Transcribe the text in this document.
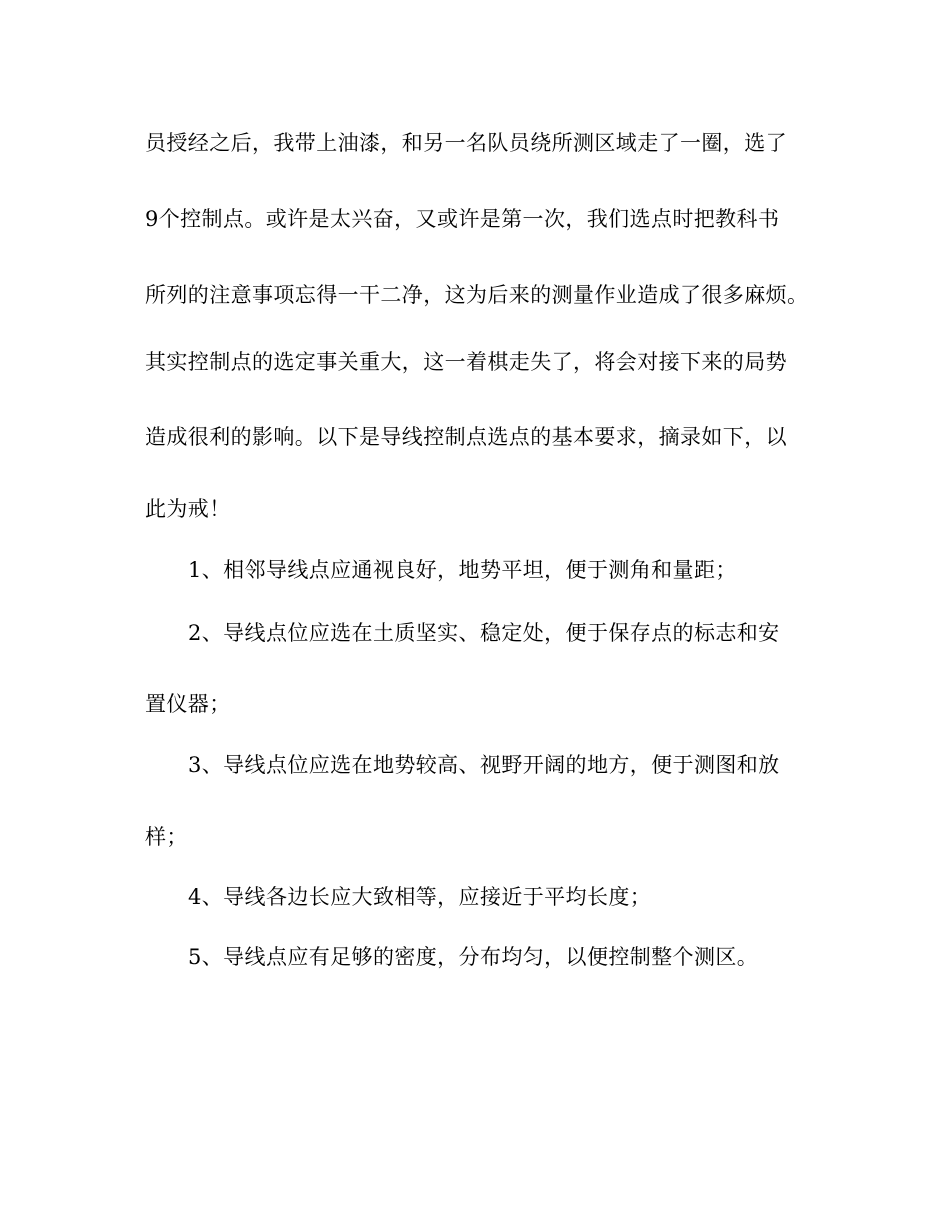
员授经之后，我带上油漆，和另一名队员绕所测区域走了一圈，选了
9个控制点。或许是太兴奋，又或许是第一次，我们选点时把教科书
所列的注意事项忘得一干二净，这为后来的测量作业造成了很多麻烦。
其实控制点的选定事关重大，这一着棋走失了，将会对接下来的局势
造成很利的影响。以下是导线控制点选点的基本要求，摘录如下，以
此为戒！
1、相邻导线点应通视良好，地势平坦，便于测角和量距；
2、导线点位应选在土质坚实、稳定处，便于保存点的标志和安
置仪器；
3、导线点位应选在地势较高、视野开阔的地方，便于测图和放
样；
4、导线各边长应大致相等，应接近于平均长度；
5、导线点应有足够的密度，分布均匀，以便控制整个测区。
